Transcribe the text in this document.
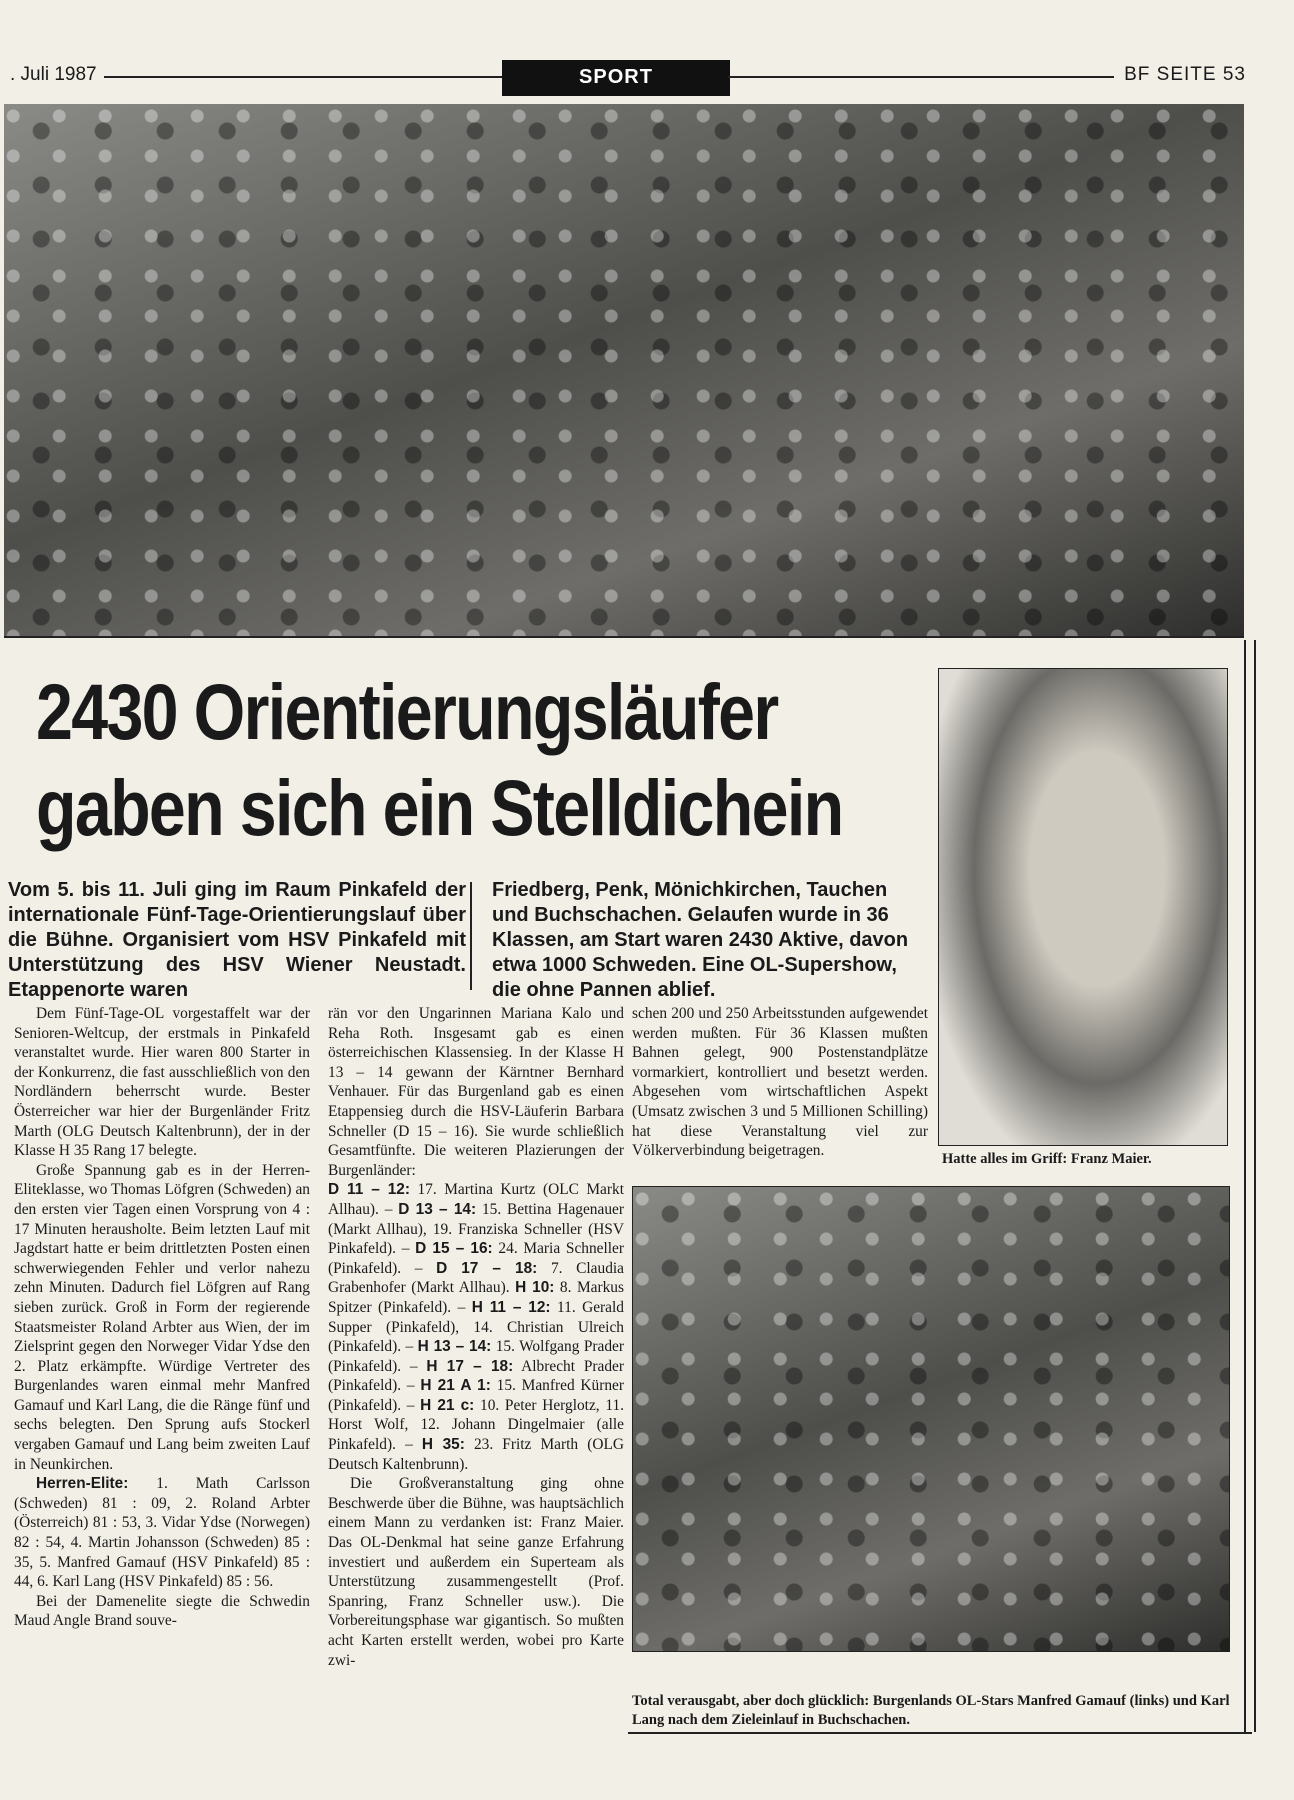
. Juli 1987	SPORT	BF SEITE 53
2430 Orientierungsläufer
gaben sich ein Stelldichein

Vom 5. bis 11. Juli ging im Raum Pinkafeld der internationale Fünf-Tage-Orientierungslauf über die Bühne. Organisiert vom HSV Pinkafeld mit Unterstützung des HSV Wiener Neustadt. Etappenorte waren

Friedberg, Penk, Mönichkirchen, Tauchen und Buchschachen. Gelaufen wurde in 36 Klassen, am Start waren 2430 Aktive, davon etwa 1000 Schweden. Eine OL-Supershow, die ohne Pannen ablief.

Hatte alles im Griff: Franz Maier.
Total verausgabt, aber doch glücklich: Burgenlands OL-Stars Manfred Gamauf (links) und Karl Lang nach dem Zieleinlauf in Buchschachen.

Dem Fünf-Tage-OL vorgestaffelt war der Senioren-Weltcup, der erstmals in Pinkafeld veranstaltet wurde. Hier waren 800 Starter in der Konkurrenz, die fast ausschließlich von den Nordländern beherrscht wurde. Bester Österreicher war hier der Burgenländer Fritz Marth (OLG Deutsch Kaltenbrunn), der in der Klasse H 35 Rang 17 belegte.

Große Spannung gab es in der Herren-Eliteklasse, wo Thomas Löfgren (Schweden) an den ersten vier Tagen einen Vorsprung von 4 : 17 Minuten herausholte. Beim letzten Lauf mit Jagdstart hatte er beim drittletzten Posten einen schwerwiegenden Fehler und verlor nahezu zehn Minuten. Dadurch fiel Löfgren auf Rang sieben zurück. Groß in Form der regierende Staatsmeister Roland Arbter aus Wien, der im Zielsprint gegen den Norweger Vidar Ydse den 2. Platz erkämpfte. Würdige Vertreter des Burgenlandes waren einmal mehr Manfred Gamauf und Karl Lang, die die Ränge fünf und sechs belegten. Den Sprung aufs Stockerl vergaben Gamauf und Lang beim zweiten Lauf in Neunkirchen.

Herren-Elite: 1. Math Carlsson (Schweden) 81 : 09, 2. Roland Arbter (Österreich) 81 : 53, 3. Vidar Ydse (Norwegen) 82 : 54, 4. Martin Johansson (Schweden) 85 : 35, 5. Manfred Gamauf (HSV Pinkafeld) 85 : 44, 6. Karl Lang (HSV Pinkafeld) 85 : 56.

Bei der Damenelite siegte die Schwedin Maud Angle Brand souve-

rän vor den Ungarinnen Mariana Kalo und Reha Roth. Insgesamt gab es einen österreichischen Klassensieg. In der Klasse H 13 – 14 gewann der Kärntner Bernhard Venhauer. Für das Burgenland gab es einen Etappensieg durch die HSV-Läuferin Barbara Schneller (D 15 – 16). Sie wurde schließlich Gesamtfünfte. Die weiteren Plazierungen der Burgenländer:

D 11 – 12: 17. Martina Kurtz (OLC Markt Allhau). – D 13 – 14: 15. Bettina Hagenauer (Markt Allhau), 19. Franziska Schneller (HSV Pinkafeld). – D 15 – 16: 24. Maria Schneller (Pinkafeld). – D 17 – 18: 7. Claudia Grabenhofer (Markt Allhau). H 10: 8. Markus Spitzer (Pinkafeld). – H 11 – 12: 11. Gerald Supper (Pinkafeld), 14. Christian Ulreich (Pinkafeld). – H 13 – 14: 15. Wolfgang Prader (Pinkafeld). – H 17 – 18: Albrecht Prader (Pinkafeld). – H 21 A 1: 15. Manfred Kürner (Pinkafeld). – H 21 c: 10. Peter Herglotz, 11. Horst Wolf, 12. Johann Dingelmaier (alle Pinkafeld). – H 35: 23. Fritz Marth (OLG Deutsch Kaltenbrunn).

Die Großveranstaltung ging ohne Beschwerde über die Bühne, was hauptsächlich einem Mann zu verdanken ist: Franz Maier. Das OL-Denkmal hat seine ganze Erfahrung investiert und außerdem ein Superteam als Unterstützung zusammengestellt (Prof. Spanring, Franz Schneller usw.). Die Vorbereitungsphase war gigantisch. So mußten acht Karten erstellt werden, wobei pro Karte zwi-

schen 200 und 250 Arbeitsstunden aufgewendet werden mußten. Für 36 Klassen mußten Bahnen gelegt, 900 Postenstandplätze vormarkiert, kontrolliert und besetzt werden. Abgesehen vom wirtschaftlichen Aspekt (Umsatz zwischen 3 und 5 Millionen Schilling) hat diese Veranstaltung viel zur Völkerverbindung beigetragen.
